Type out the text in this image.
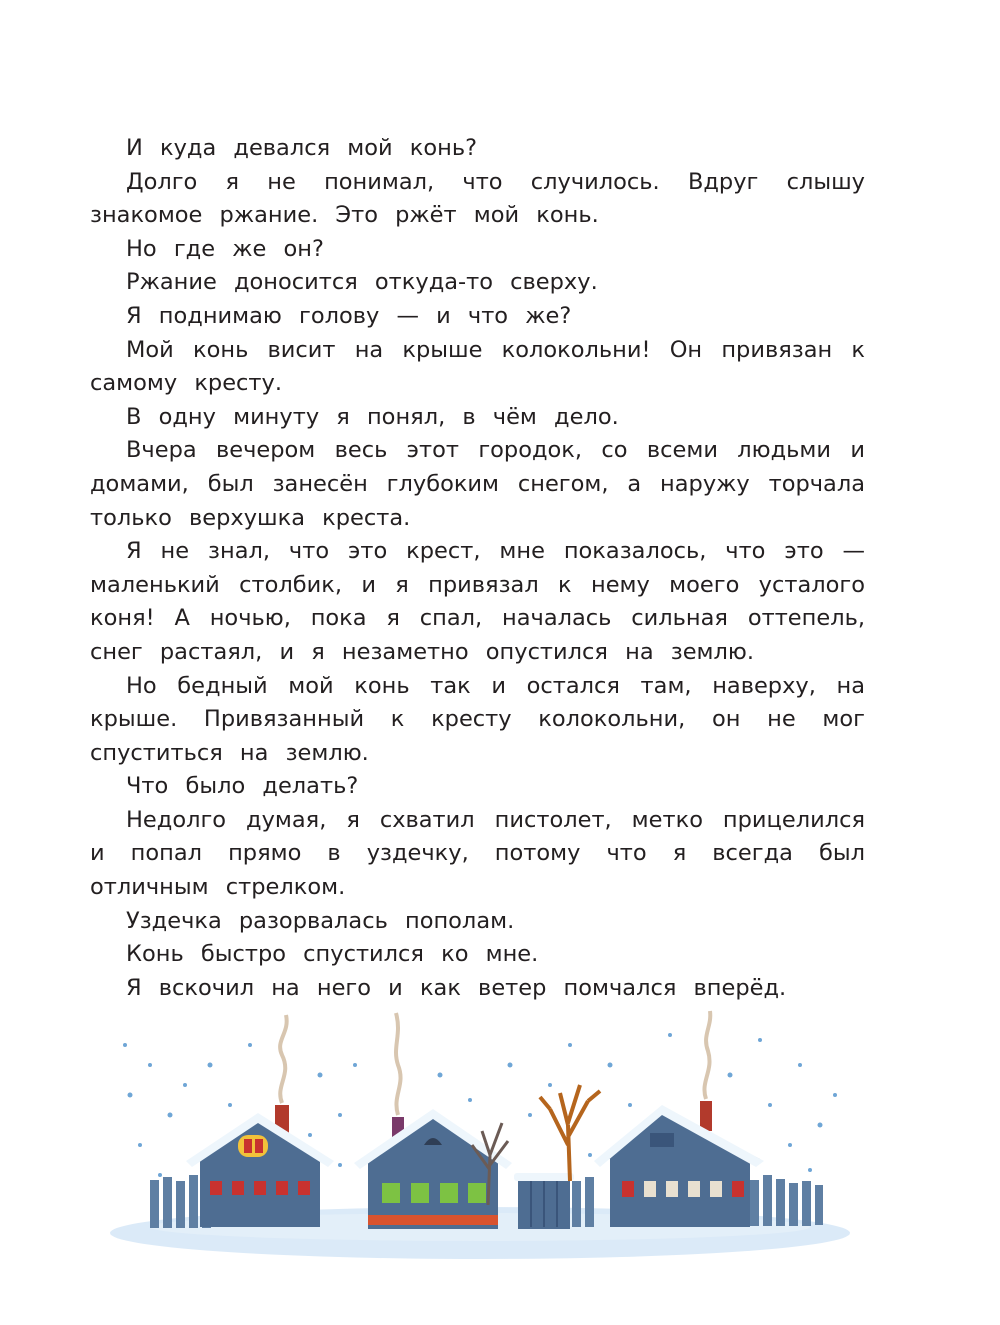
И куда девался мой конь?

Долго я не понимал, что случилось. Вдруг слышу знакомое ржание. Это ржёт мой конь.

Но где же он?

Ржание доносится откуда-то сверху.

Я поднимаю голову — и что же?

Мой конь висит на крыше колокольни! Он привязан к самому кресту.

В одну минуту я понял, в чём дело.

Вчера вечером весь этот городок, со всеми людьми и домами, был занесён глубоким снегом, а наружу торчала только верхушка креста.

Я не знал, что это крест, мне показалось, что это — маленький столбик, и я привязал к нему моего усталого коня! А ночью, пока я спал, началась сильная оттепель, снег растаял, и я незаметно опустился на землю.

Но бедный мой конь так и остался там, наверху, на крыше. Привязанный к кресту колокольни, он не мог спуститься на землю.

Что было делать?

Недолго думая, я схватил пистолет, метко прицелился и попал прямо в уздечку, потому что я всегда был отличным стрелком.

Уздечка разорвалась пополам.

Конь быстро спустился ко мне.

Я вскочил на него и как ветер помчался вперёд.
